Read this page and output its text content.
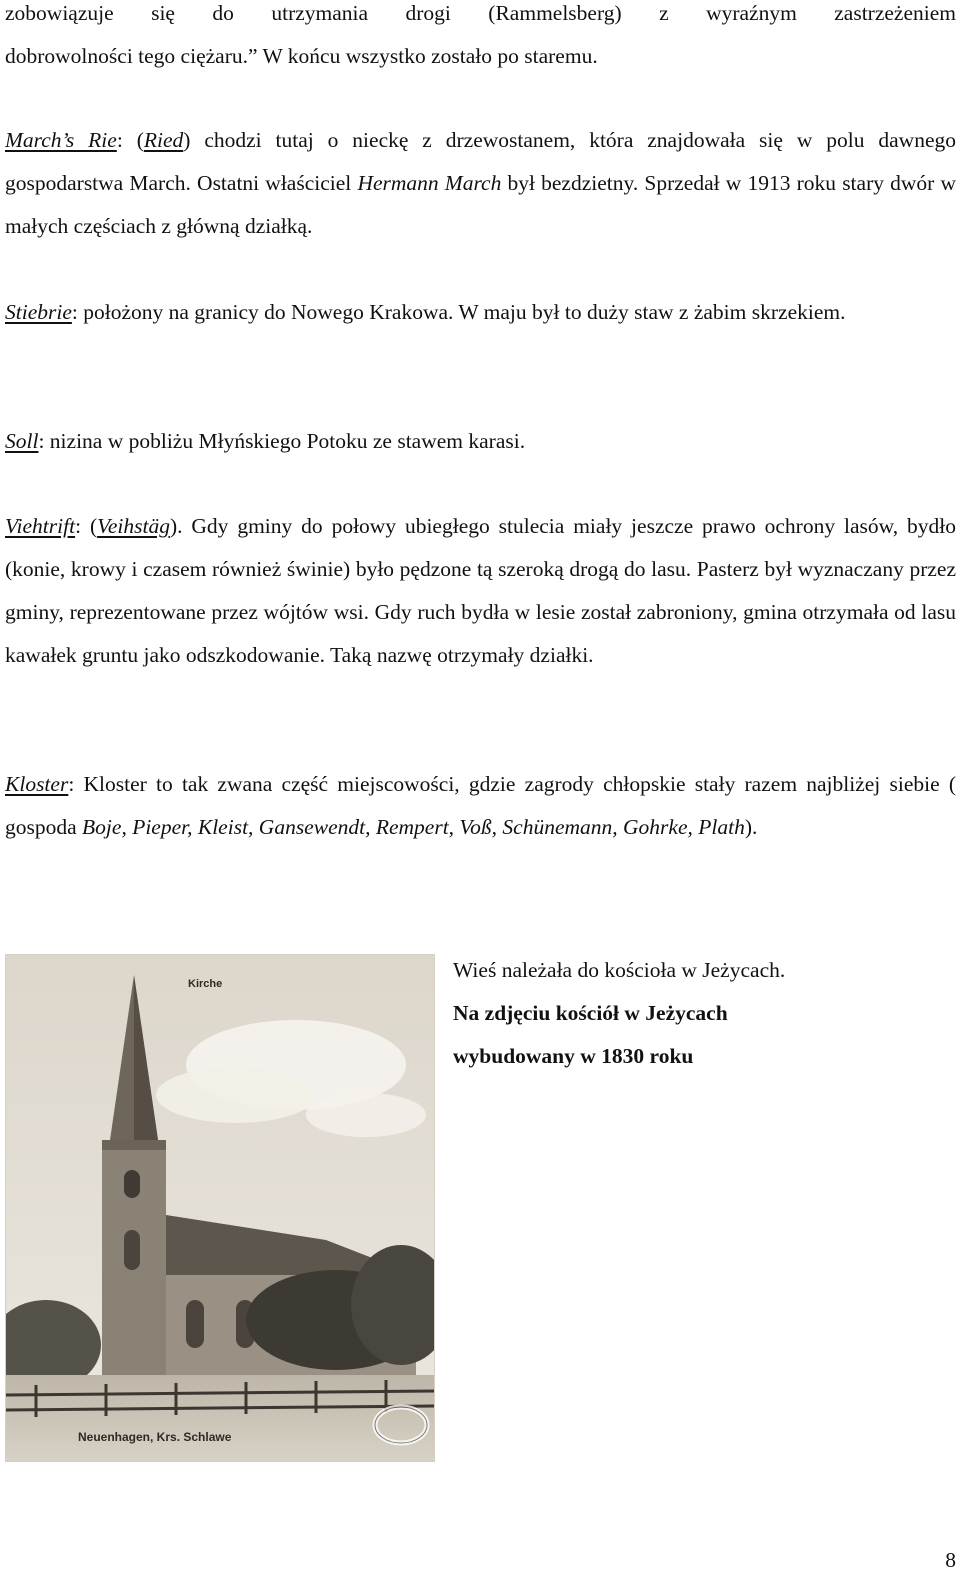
zobowiązuje się do utrzymania drogi (Rammelsberg) z wyraźnym zastrzeżeniem

dobrowolności tego ciężaru.” W końcu wszystko zostało po staremu.

March’s Rie: (Ried) chodzi tutaj o nieckę z drzewostanem, która znajdowała się w polu dawnego gospodarstwa March. Ostatni właściciel Hermann March był bezdzietny. Sprzedał w 1913 roku stary dwór w małych częściach z główną działką.

Stiebrie: położony na granicy do Nowego Krakowa. W maju był to duży staw z żabim skrzekiem.

Soll: nizina w pobliżu Młyńskiego Potoku ze stawem karasi.

Viehtrift: (Veihstäg). Gdy gminy do połowy ubiegłego stulecia miały jeszcze prawo ochrony lasów, bydło (konie, krowy i czasem również świnie) było pędzone tą szeroką drogą do lasu. Pasterz był wyznaczany przez gminy, reprezentowane przez wójtów wsi. Gdy ruch bydła w lesie został zabroniony, gmina otrzymała od lasu kawałek gruntu jako odszkodowanie. Taką nazwę otrzymały działki.

Kloster: Kloster to tak zwana część miejscowości, gdzie zagrody chłopskie stały razem najbliżej siebie ( gospoda Boje, Pieper, Kleist, Gansewendt, Rempert, Voß, Schünemann, Gohrke, Plath).

Kirche
Neuenhagen, Krs. Schlawe
Wieś należała do kościoła w Jeżycach.
Na zdjęciu kościół w Jeżycach
wybudowany w 1830 roku
8
